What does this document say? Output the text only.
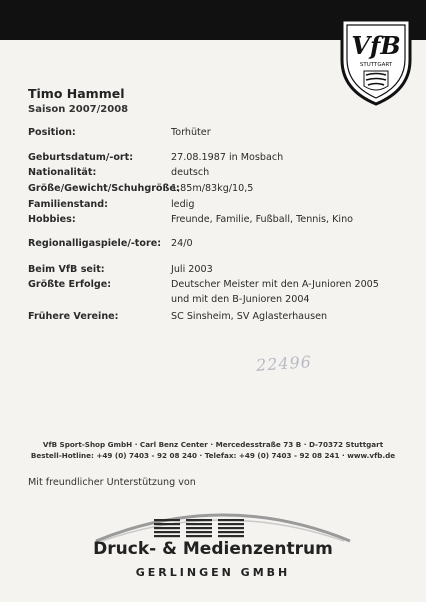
VfB
STUTTGART
Timo Hammel
Saison 2007/2008
Position:	Torhüter
Geburtsdatum/-ort:	27.08.1987 in Mosbach
Nationalität:	deutsch
Größe/Gewicht/Schuhgröße:
1,85m/83kg/10,5
Familienstand:	ledig
Hobbies:	Freunde, Familie, Fußball, Tennis, Kino
Regionalligaspiele/-tore: 24/0
Beim VfB seit:	Juli 2003
Größte Erfolge:	Deutscher Meister mit den A-Junioren 2005
und mit den B-Junioren 2004
Frühere Vereine:	SC Sinsheim, SV Aglasterhausen
22496
VfB Sport-Shop GmbH · Carl Benz Center · Mercedesstraße 73 B · D-70372 Stuttgart
Bestell-Hotline: +49 (0) 7403 - 92 08 240 · Telefax: +49 (0) 7403 - 92 08 241 · www.vfb.de
Mit freundlicher Unterstützung von
Druck- & Medienzentrum
GERLINGEN GMBH
